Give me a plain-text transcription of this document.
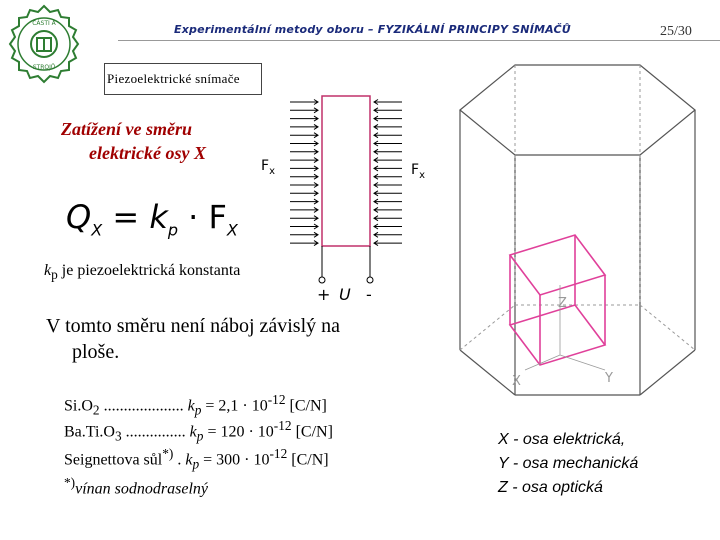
ČÁSTI A
STROJŮ
Experimentální metody oboru – FYZIKÁLNÍ PRINCIPY SNÍMAČŮ	25/30
Z
X	Y
$F_x$	$F_x$
+ U -
Piezoelektrické snímače
Zatížení ve směru
elektrické osy X
$Q_X = k_p \cdot F_X$
$k_p$ je piezoelektrická konstanta
V tomto směru není náboj závislý na
ploše.
$Si.O_2$ .................... $k_p = 2,1 \cdot 10^{-12}$ [C/N]
$Ba.Ti.O_3$ ............... $k_p = 120 \cdot 10^{-12}$ [C/N]
Seignettova sůl*) . $k_p = 300 \cdot 10^{-12}$ [C/N]
*)vínan sodnodraselný
X - osa elektrická,
Y - osa mechanická
Z - osa optická
